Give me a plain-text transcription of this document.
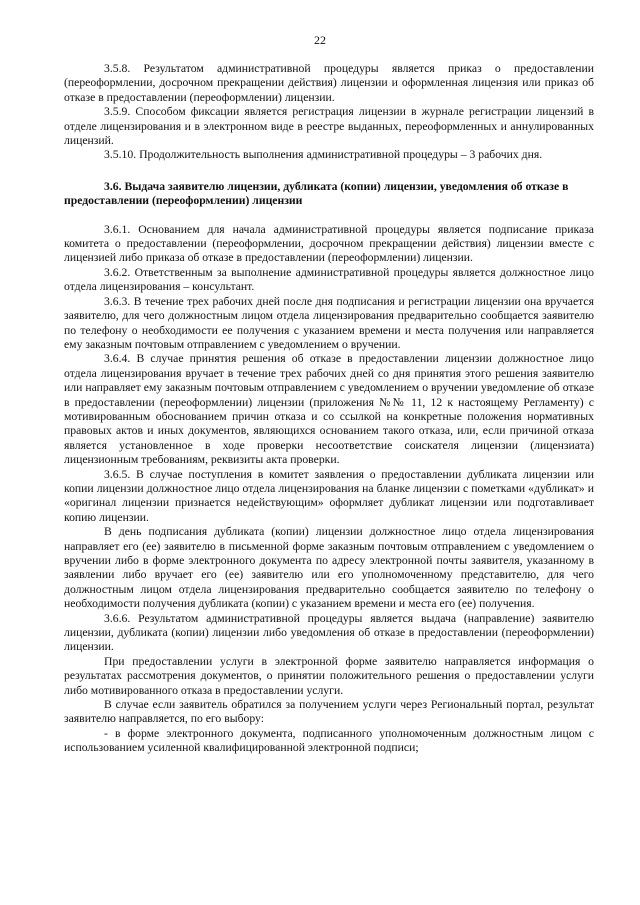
22

3.5.8. Результатом административной процедуры является приказ о предоставлении (переоформлении, досрочном прекращении действия) лицензии и оформленная лицензия или приказ об отказе в предоставлении (переоформлении) лицензии.

3.5.9. Способом фиксации является регистрация лицензии в журнале регистрации лицензий в отделе лицензирования и в электронном виде в реестре выданных, переоформленных и аннулированных лицензий.

3.5.10. Продолжительность выполнения административной процедуры – 3 рабочих дня.

3.6. Выдача заявителю лицензии, дубликата (копии) лицензии, уведомления об отказе в предоставлении (переоформлении) лицензии

3.6.1. Основанием для начала административной процедуры является подписание приказа комитета о предоставлении (переоформлении, досрочном прекращении действия) лицензии вместе с лицензией либо приказа об отказе в предоставлении (переоформлении) лицензии.

3.6.2. Ответственным за выполнение административной процедуры является должностное лицо отдела лицензирования – консультант.

3.6.3. В течение трех рабочих дней после дня подписания и регистрации лицензии она вручается заявителю, для чего должностным лицом отдела лицензирования предварительно сообщается заявителю по телефону о необходимости ее получения с указанием времени и места получения или направляется ему заказным почтовым отправлением с уведомлением о вручении.

3.6.4. В случае принятия решения об отказе в предоставлении лицензии должностное лицо отдела лицензирования вручает в течение трех рабочих дней со дня принятия этого решения заявителю или направляет ему заказным почтовым отправлением с уведомлением о вручении уведомление об отказе в предоставлении (переоформлении) лицензии (приложения №№ 11, 12 к настоящему Регламенту) с мотивированным обоснованием причин отказа и со ссылкой на конкретные положения нормативных правовых актов и иных документов, являющихся основанием такого отказа, или, если причиной отказа является установленное в ходе проверки несоответствие соискателя лицензии (лицензиата) лицензионным требованиям, реквизиты акта проверки.

3.6.5. В случае поступления в комитет заявления о предоставлении дубликата лицензии или копии лицензии должностное лицо отдела лицензирования на бланке лицензии с пометками «дубликат» и «оригинал лицензии признается недействующим» оформляет дубликат лицензии или подготавливает копию лицензии.

В день подписания дубликата (копии) лицензии должностное лицо отдела лицензирования направляет его (ее) заявителю в письменной форме заказным почтовым отправлением с уведомлением о вручении либо в форме электронного документа по адресу электронной почты заявителя, указанному в заявлении либо вручает его (ее) заявителю или его уполномоченному представителю, для чего должностным лицом отдела лицензирования предварительно сообщается заявителю по телефону о необходимости получения дубликата (копии) с указанием времени и места его (ее) получения.

3.6.6. Результатом административной процедуры является выдача (направление) заявителю лицензии, дубликата (копии) лицензии либо уведомления об отказе в предоставлении (переоформлении) лицензии.

При предоставлении услуги в электронной форме заявителю направляется информация о результатах рассмотрения документов, о принятии положительного решения о предоставлении услуги либо мотивированного отказа в предоставлении услуги.

В случае если заявитель обратился за получением услуги через Региональный портал, результат заявителю направляется, по его выбору:

- в форме электронного документа, подписанного уполномоченным должностным лицом с использованием усиленной квалифицированной электронной подписи;
